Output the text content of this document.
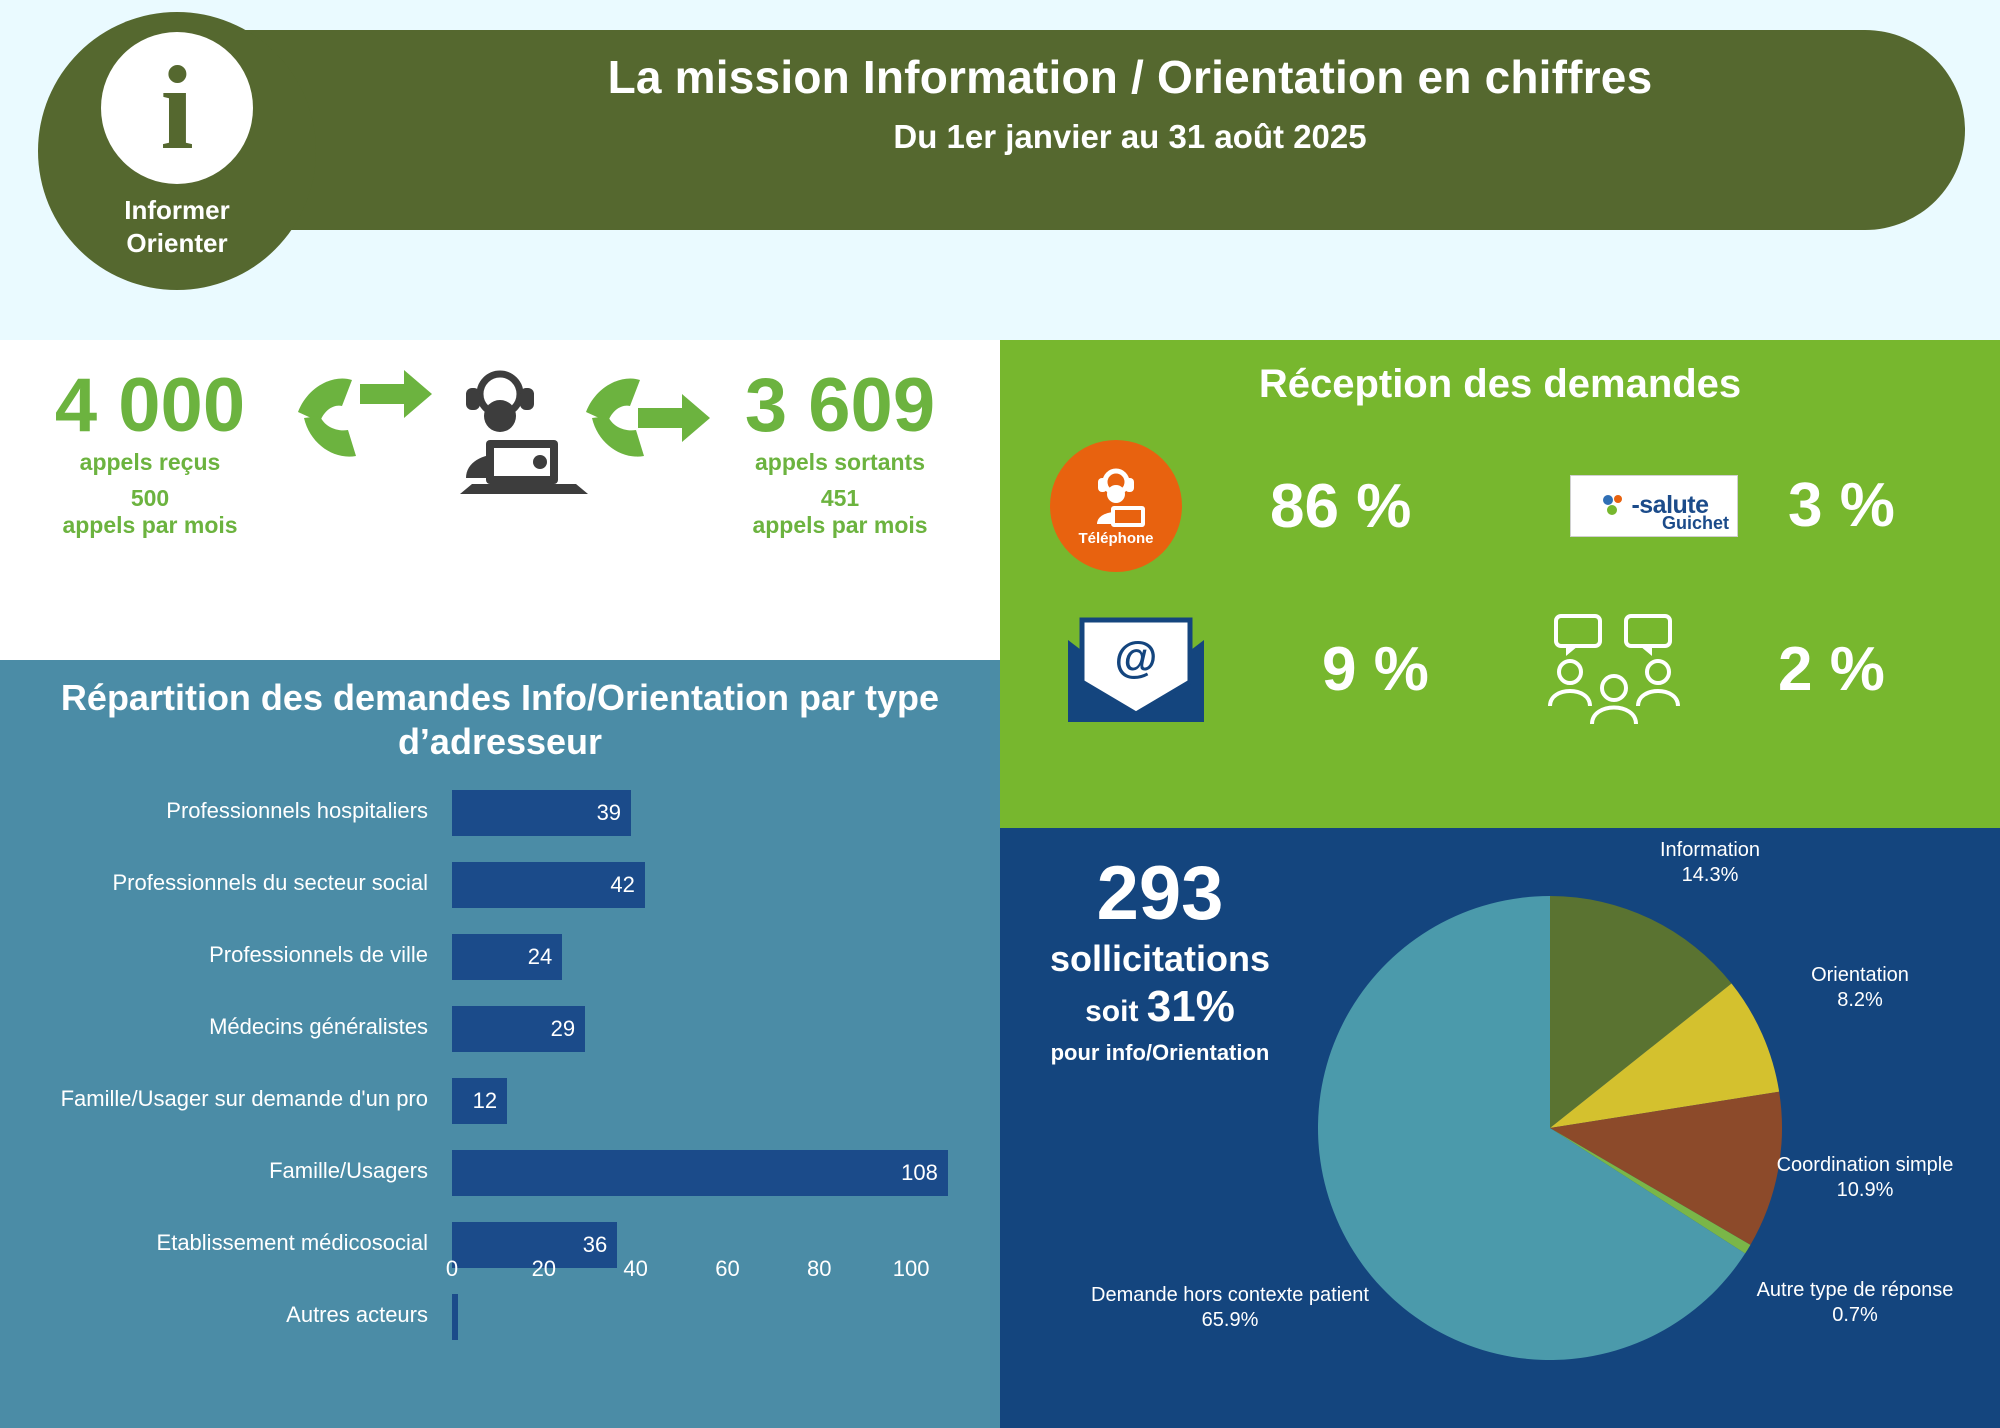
La mission Information / Orientation en chiffres
Du 1er janvier au 31 août 2025
i
Informer
Orienter
4 000
appels reçus
500
appels par mois
3 609
appels sortants
451
appels par mois
Répartition des demandes Info/Orientation par type d’adresseur
Professionnels hospitaliers	39
Professionnels du secteur social	42
Professionnels de ville	24
Médecins généralistes	29
Famille/Usager sur demande d'un pro	12
Famille/Usagers	108
Etablissement médicosocial	36
Autres acteurs
0	20	40	60	80	100
Réception des demandes
Téléphone 86 %	-salute
Guichet 3 %
@	9 %	2 %
293
sollicitations
soit 31%
pour info/Orientation
Information
14.3%
Orientation
8.2%
Coordination simple
10.9%
Autre type de réponse
0.7%
Demande hors contexte patient
65.9%
